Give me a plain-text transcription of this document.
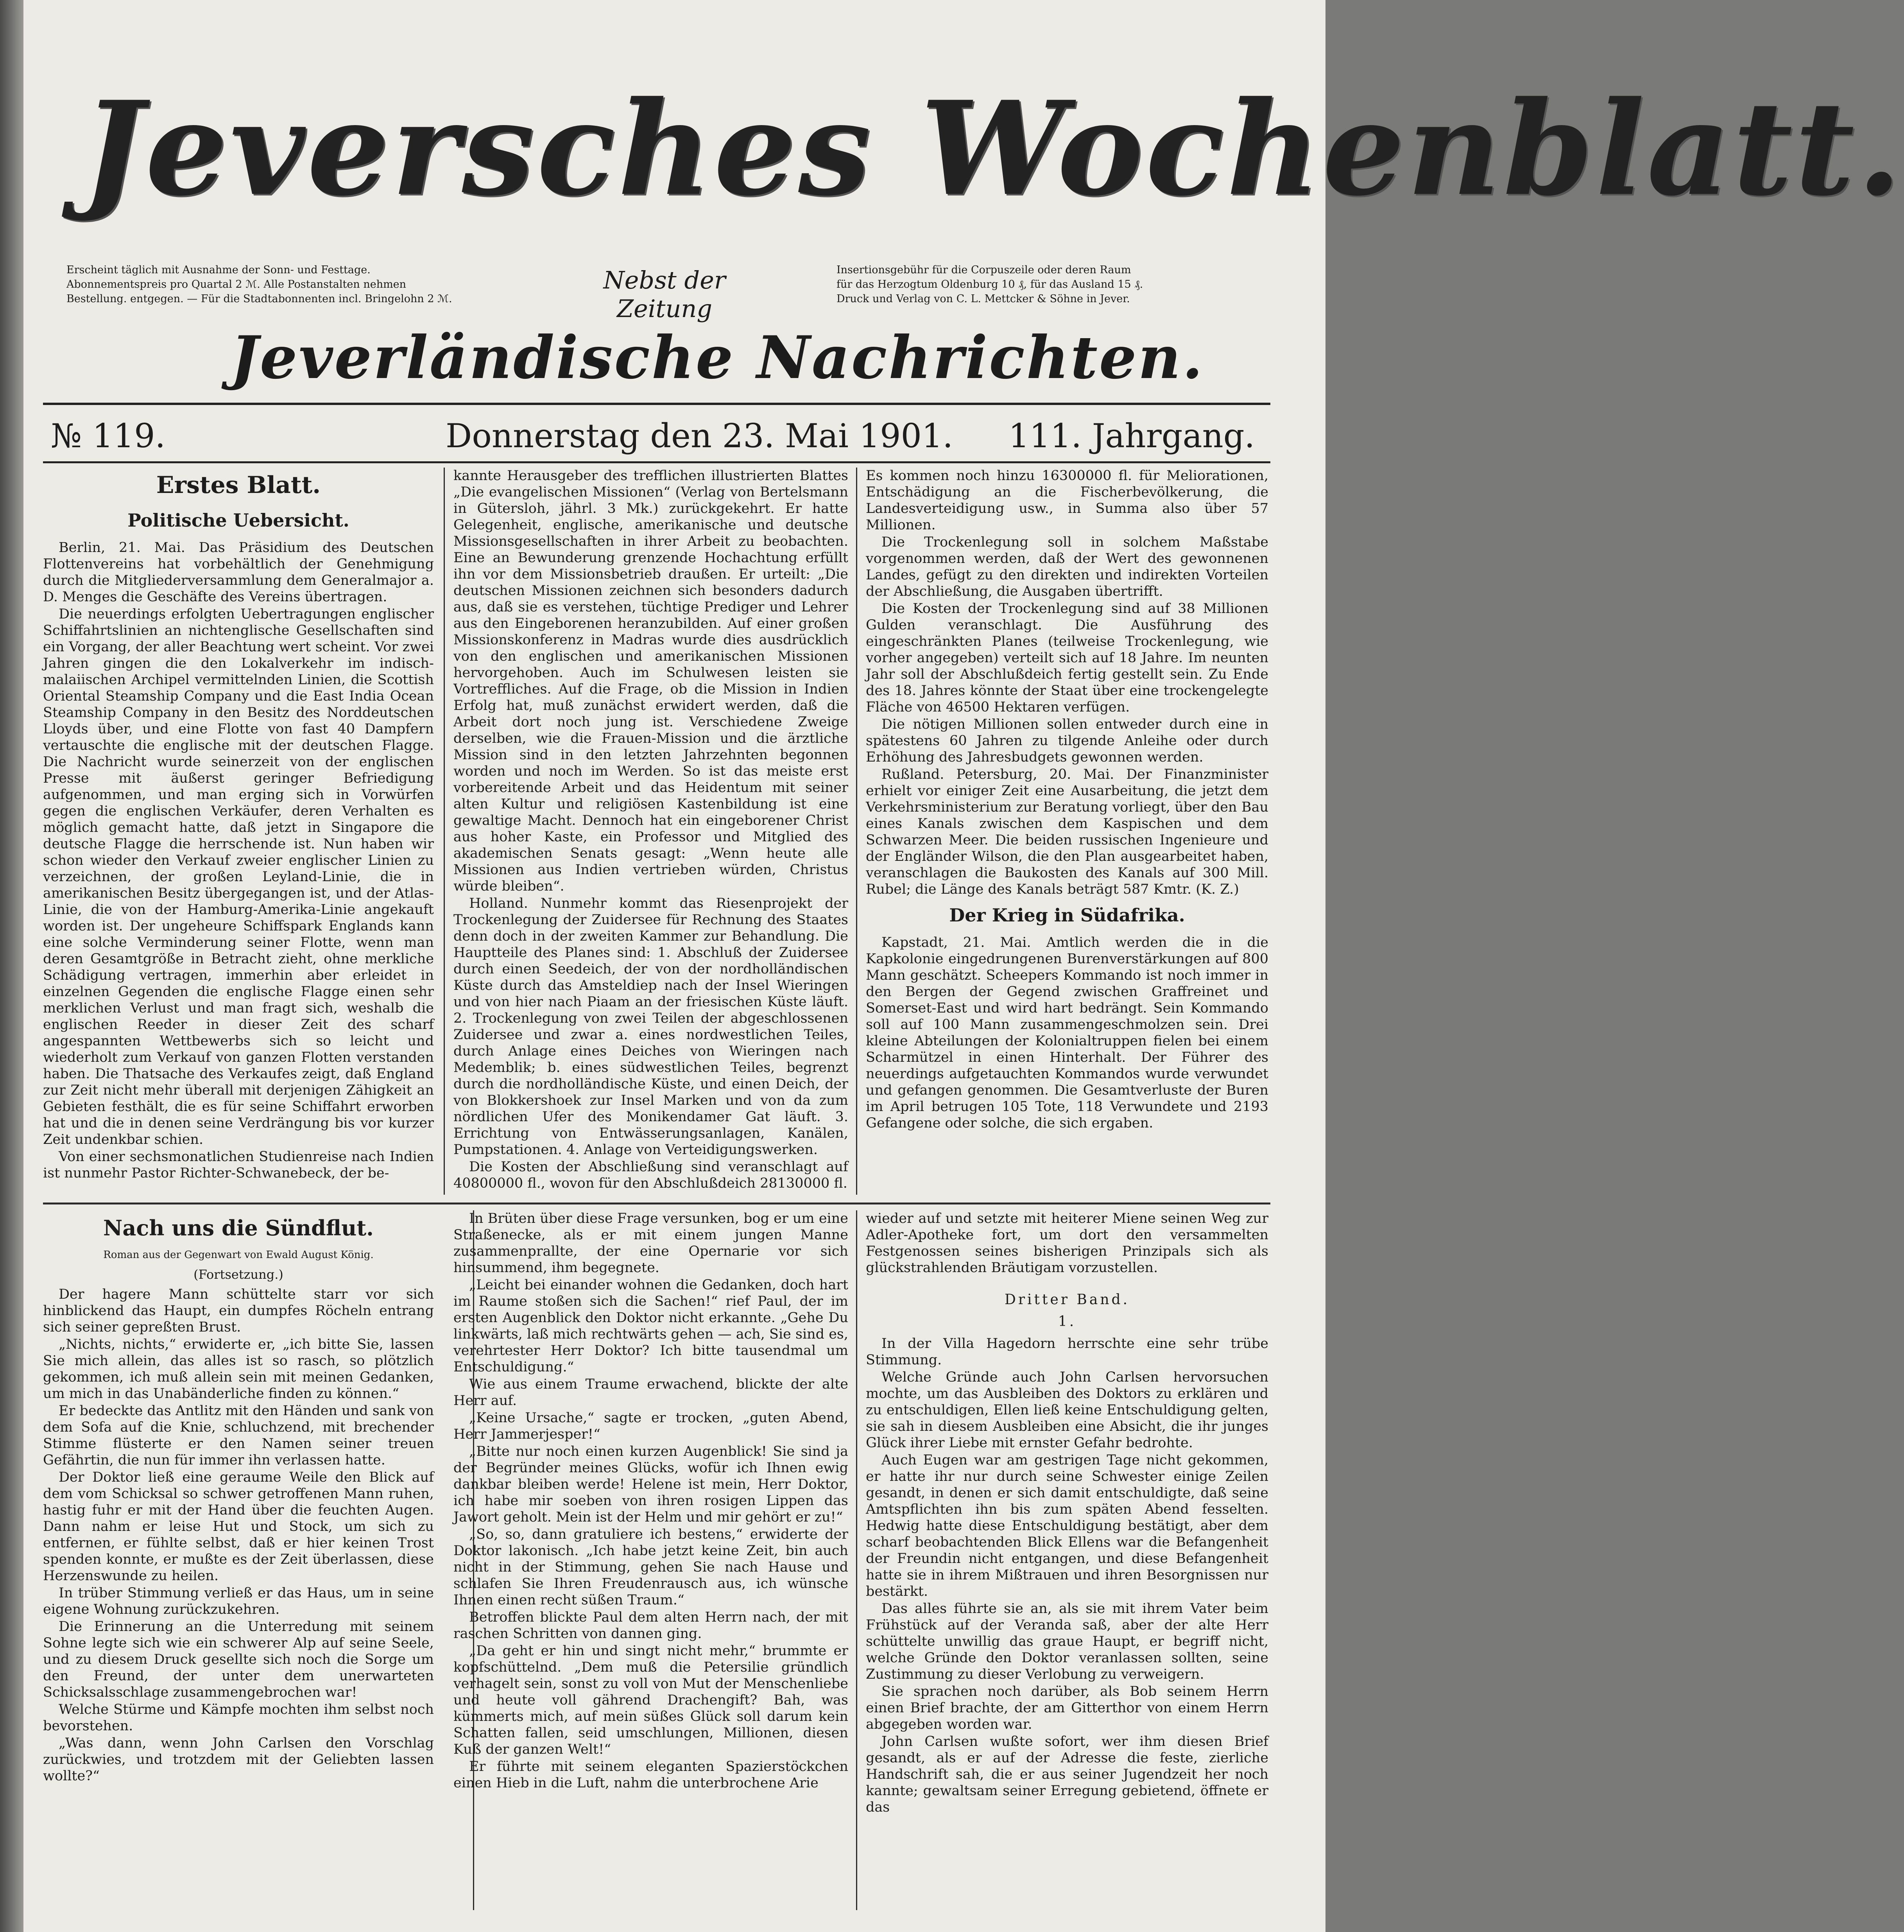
Jeversches Wochenblatt.
Erscheint täglich mit Ausnahme der Sonn- und Festtage.
Abonnementspreis pro Quartal 2 ℳ. Alle Postanstalten nehmen
Bestellung. entgegen. — Für die Stadtabonnenten incl. Bringelohn 2 ℳ.
Nebst der Zeitung
Insertionsgebühr für die Corpuszeile oder deren Raum
für das Herzogtum Oldenburg 10 ₰, für das Ausland 15 ₰.
Druck und Verlag von C. L. Mettcker & Söhne in Jever.
Jeverländische Nachrichten.
№ 119.	Donnerstag den 23. Mai 1901. 111. Jahrgang.
Erstes Blatt.
Politische Uebersicht.

Berlin, 21. Mai. Das Präsidium des Deutschen Flottenvereins hat vorbehältlich der Genehmigung durch die Mitgliederversammlung dem Generalmajor a. D. Menges die Geschäfte des Vereins übertragen.

Die neuerdings erfolgten Uebertragungen englischer Schiffahrtslinien an nichtenglische Gesellschaften sind ein Vorgang, der aller Beachtung wert scheint. Vor zwei Jahren gingen die den Lokalverkehr im indisch-malaiischen Archipel vermittelnden Linien, die Scottish Oriental Steamship Company und die East India Ocean Steamship Company in den Besitz des Norddeutschen Lloyds über, und eine Flotte von fast 40 Dampfern vertauschte die englische mit der deutschen Flagge. Die Nachricht wurde seinerzeit von der englischen Presse mit äußerst geringer Befriedigung aufgenommen, und man erging sich in Vorwürfen gegen die englischen Verkäufer, deren Verhalten es möglich gemacht hatte, daß jetzt in Singapore die deutsche Flagge die herrschende ist. Nun haben wir schon wieder den Verkauf zweier englischer Linien zu verzeichnen, der großen Leyland-Linie, die in amerikanischen Besitz übergegangen ist, und der Atlas-Linie, die von der Hamburg-Amerika-Linie angekauft worden ist. Der ungeheure Schiffspark Englands kann eine solche Verminderung seiner Flotte, wenn man deren Gesamtgröße in Betracht zieht, ohne merkliche Schädigung vertragen, immerhin aber erleidet in einzelnen Gegenden die englische Flagge einen sehr merklichen Verlust und man fragt sich, weshalb die englischen Reeder in dieser Zeit des scharf angespannten Wettbewerbs sich so leicht und wiederholt zum Verkauf von ganzen Flotten verstanden haben. Die Thatsache des Verkaufes zeigt, daß England zur Zeit nicht mehr überall mit derjenigen Zähigkeit an Gebieten festhält, die es für seine Schiffahrt erworben hat und die in denen seine Verdrängung bis vor kurzer Zeit undenkbar schien.

Von einer sechsmonatlichen Studienreise nach Indien ist nunmehr Pastor Richter-Schwanebeck, der be-

kannte Herausgeber des trefflichen illustrierten Blattes „Die evangelischen Missionen“ (Verlag von Bertelsmann in Gütersloh, jährl. 3 Mk.) zurückgekehrt. Er hatte Gelegenheit, englische, amerikanische und deutsche Missionsgesellschaften in ihrer Arbeit zu beobachten. Eine an Bewunderung grenzende Hochachtung erfüllt ihn vor dem Missionsbetrieb draußen. Er urteilt: „Die deutschen Missionen zeichnen sich besonders dadurch aus, daß sie es verstehen, tüchtige Prediger und Lehrer aus den Eingeborenen heranzubilden. Auf einer großen Missionskonferenz in Madras wurde dies ausdrücklich von den englischen und amerikanischen Missionen hervorgehoben. Auch im Schulwesen leisten sie Vortreffliches. Auf die Frage, ob die Mission in Indien Erfolg hat, muß zunächst erwidert werden, daß die Arbeit dort noch jung ist. Verschiedene Zweige derselben, wie die Frauen-Mission und die ärztliche Mission sind in den letzten Jahrzehnten begonnen worden und noch im Werden. So ist das meiste erst vorbereitende Arbeit und das Heidentum mit seiner alten Kultur und religiösen Kastenbildung ist eine gewaltige Macht. Dennoch hat ein eingeborener Christ aus hoher Kaste, ein Professor und Mitglied des akademischen Senats gesagt: „Wenn heute alle Missionen aus Indien vertrieben würden, Christus würde bleiben“.

Holland. Nunmehr kommt das Riesenprojekt der Trockenlegung der Zuidersee für Rechnung des Staates denn doch in der zweiten Kammer zur Behandlung. Die Hauptteile des Planes sind: 1. Abschluß der Zuidersee durch einen Seedeich, der von der nordholländischen Küste durch das Amsteldiep nach der Insel Wieringen und von hier nach Piaam an der friesischen Küste läuft. 2. Trockenlegung von zwei Teilen der abgeschlossenen Zuidersee und zwar a. eines nordwestlichen Teiles, durch Anlage eines Deiches von Wieringen nach Medemblik; b. eines südwestlichen Teiles, begrenzt durch die nordholländische Küste, und einen Deich, der von Blokkershoek zur Insel Marken und von da zum nördlichen Ufer des Monikendamer Gat läuft. 3. Errichtung von Entwässerungsanlagen, Kanälen, Pumpstationen. 4. Anlage von Verteidigungswerken.

Die Kosten der Abschließung sind veranschlagt auf 40800000 fl., wovon für den Abschlußdeich 28130000 fl.

Es kommen noch hinzu 16300000 fl. für Meliorationen, Entschädigung an die Fischerbevölkerung, die Landesverteidigung usw., in Summa also über 57 Millionen.

Die Trockenlegung soll in solchem Maßstabe vorgenommen werden, daß der Wert des gewonnenen Landes, gefügt zu den direkten und indirekten Vorteilen der Abschließung, die Ausgaben übertrifft.

Die Kosten der Trockenlegung sind auf 38 Millionen Gulden veranschlagt. Die Ausführung des eingeschränkten Planes (teilweise Trockenlegung, wie vorher angegeben) verteilt sich auf 18 Jahre. Im neunten Jahr soll der Abschlußdeich fertig gestellt sein. Zu Ende des 18. Jahres könnte der Staat über eine trockengelegte Fläche von 46500 Hektaren verfügen.

Die nötigen Millionen sollen entweder durch eine in spätestens 60 Jahren zu tilgende Anleihe oder durch Erhöhung des Jahresbudgets gewonnen werden.

Rußland. Petersburg, 20. Mai. Der Finanzminister erhielt vor einiger Zeit eine Ausarbeitung, die jetzt dem Verkehrsministerium zur Beratung vorliegt, über den Bau eines Kanals zwischen dem Kaspischen und dem Schwarzen Meer. Die beiden russischen Ingenieure und der Engländer Wilson, die den Plan ausgearbeitet haben, veranschlagen die Baukosten des Kanals auf 300 Mill. Rubel; die Länge des Kanals beträgt 587 Kmtr. (K. Z.)

Der Krieg in Südafrika.

Kapstadt, 21. Mai. Amtlich werden die in die Kapkolonie eingedrungenen Burenverstärkungen auf 800 Mann geschätzt. Scheepers Kommando ist noch immer in den Bergen der Gegend zwischen Graffreinet und Somerset-East und wird hart bedrängt. Sein Kommando soll auf 100 Mann zusammengeschmolzen sein. Drei kleine Abteilungen der Kolonialtruppen fielen bei einem Scharmützel in einen Hinterhalt. Der Führer des neuerdings aufgetauchten Kommandos wurde verwundet und gefangen genommen. Die Gesamtverluste der Buren im April betrugen 105 Tote, 118 Verwundete und 2193 Gefangene oder solche, die sich ergaben.

Nach uns die Sündflut.
Roman aus der Gegenwart von Ewald August König.
(Fortsetzung.)

Der hagere Mann schüttelte starr vor sich hinblickend das Haupt, ein dumpfes Röcheln entrang sich seiner gepreßten Brust.

„Nichts, nichts,“ erwiderte er, „ich bitte Sie, lassen Sie mich allein, das alles ist so rasch, so plötzlich gekommen, ich muß allein sein mit meinen Gedanken, um mich in das Unabänderliche finden zu können.“

Er bedeckte das Antlitz mit den Händen und sank von dem Sofa auf die Knie, schluchzend, mit brechender Stimme flüsterte er den Namen seiner treuen Gefährtin, die nun für immer ihn verlassen hatte.

Der Doktor ließ eine geraume Weile den Blick auf dem vom Schicksal so schwer getroffenen Mann ruhen, hastig fuhr er mit der Hand über die feuchten Augen. Dann nahm er leise Hut und Stock, um sich zu entfernen, er fühlte selbst, daß er hier keinen Trost spenden konnte, er mußte es der Zeit überlassen, diese Herzenswunde zu heilen.

In trüber Stimmung verließ er das Haus, um in seine eigene Wohnung zurückzukehren.

Die Erinnerung an die Unterredung mit seinem Sohne legte sich wie ein schwerer Alp auf seine Seele, und zu diesem Druck gesellte sich noch die Sorge um den Freund, der unter dem unerwarteten Schicksalsschlage zusammengebrochen war!

Welche Stürme und Kämpfe mochten ihm selbst noch bevorstehen.

„Was dann, wenn John Carlsen den Vorschlag zurückwies, und trotzdem mit der Geliebten lassen wollte?“

In Brüten über diese Frage versunken, bog er um eine Straßenecke, als er mit einem jungen Manne zusammenprallte, der eine Opernarie vor sich hinsummend, ihm begegnete.

„Leicht bei einander wohnen die Gedanken, doch hart im Raume stoßen sich die Sachen!“ rief Paul, der im ersten Augenblick den Doktor nicht erkannte. „Gehe Du linkwärts, laß mich rechtwärts gehen — ach, Sie sind es, verehrtester Herr Doktor? Ich bitte tausendmal um Entschuldigung.“

Wie aus einem Traume erwachend, blickte der alte Herr auf.

„Keine Ursache,“ sagte er trocken, „guten Abend, Herr Jammerjesper!“

„Bitte nur noch einen kurzen Augenblick! Sie sind ja der Begründer meines Glücks, wofür ich Ihnen ewig dankbar bleiben werde! Helene ist mein, Herr Doktor, ich habe mir soeben von ihren rosigen Lippen das Jawort geholt. Mein ist der Helm und mir gehört er zu!“

„So, so, dann gratuliere ich bestens,“ erwiderte der Doktor lakonisch. „Ich habe jetzt keine Zeit, bin auch nicht in der Stimmung, gehen Sie nach Hause und schlafen Sie Ihren Freudenrausch aus, ich wünsche Ihnen einen recht süßen Traum.“

Betroffen blickte Paul dem alten Herrn nach, der mit raschen Schritten von dannen ging.

„Da geht er hin und singt nicht mehr,“ brummte er kopfschüttelnd. „Dem muß die Petersilie gründlich verhagelt sein, sonst zu voll von Mut der Menschenliebe und heute voll gährend Drachengift? Bah, was kümmerts mich, auf mein süßes Glück soll darum kein Schatten fallen, seid umschlungen, Millionen, diesen Kuß der ganzen Welt!“

Er führte mit seinem eleganten Spazierstöckchen einen Hieb in die Luft, nahm die unterbrochene Arie

wieder auf und setzte mit heiterer Miene seinen Weg zur Adler-Apotheke fort, um dort den versammelten Festgenossen seines bisherigen Prinzipals sich als glückstrahlenden Bräutigam vorzustellen.

Dritter Band.
1.

In der Villa Hagedorn herrschte eine sehr trübe Stimmung.

Welche Gründe auch John Carlsen hervorsuchen mochte, um das Ausbleiben des Doktors zu erklären und zu entschuldigen, Ellen ließ keine Entschuldigung gelten, sie sah in diesem Ausbleiben eine Absicht, die ihr junges Glück ihrer Liebe mit ernster Gefahr bedrohte.

Auch Eugen war am gestrigen Tage nicht gekommen, er hatte ihr nur durch seine Schwester einige Zeilen gesandt, in denen er sich damit entschuldigte, daß seine Amtspflichten ihn bis zum späten Abend fesselten. Hedwig hatte diese Entschuldigung bestätigt, aber dem scharf beobachtenden Blick Ellens war die Befangenheit der Freundin nicht entgangen, und diese Befangenheit hatte sie in ihrem Mißtrauen und ihren Besorgnissen nur bestärkt.

Das alles führte sie an, als sie mit ihrem Vater beim Frühstück auf der Veranda saß, aber der alte Herr schüttelte unwillig das graue Haupt, er begriff nicht, welche Gründe den Doktor veranlassen sollten, seine Zustimmung zu dieser Verlobung zu verweigern.

Sie sprachen noch darüber, als Bob seinem Herrn einen Brief brachte, der am Gitterthor von einem Herrn abgegeben worden war.

John Carlsen wußte sofort, wer ihm diesen Brief gesandt, als er auf der Adresse die feste, zierliche Handschrift sah, die er aus seiner Jugendzeit her noch kannte; gewaltsam seiner Erregung gebietend, öffnete er das
